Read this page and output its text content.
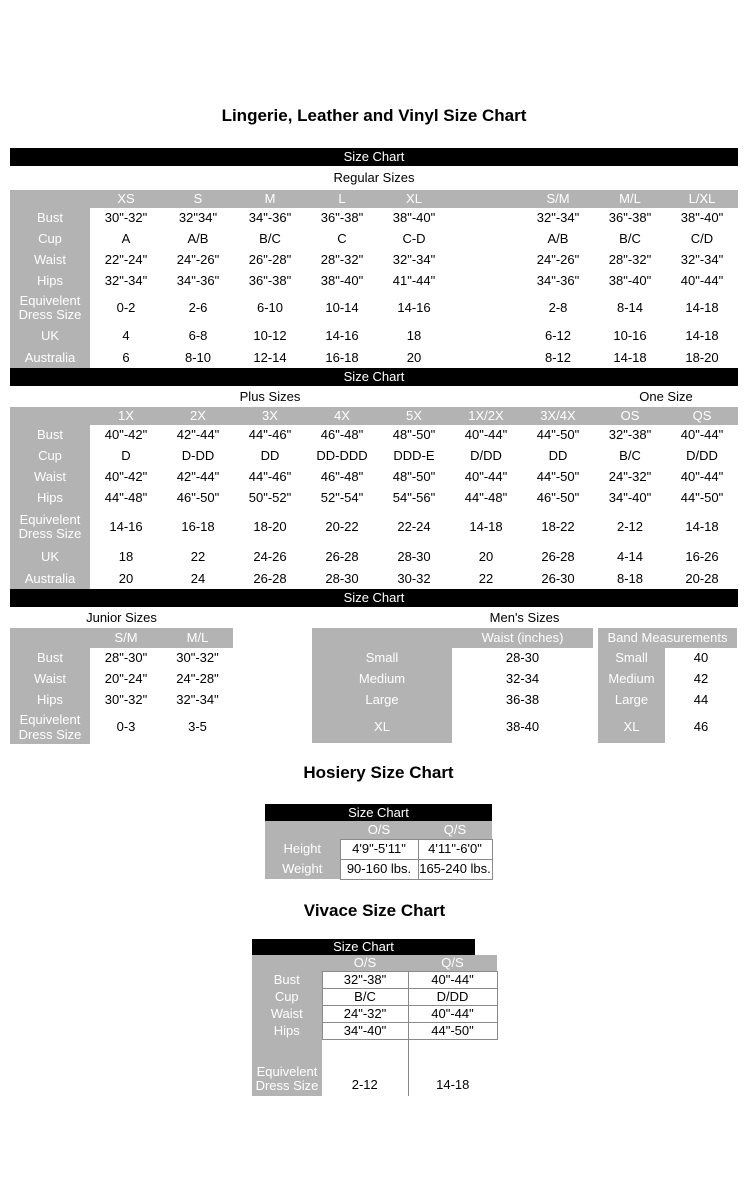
Lingerie, Leather and Vinyl Size Chart
Size Chart
Regular Sizes
	XS	S	M	L	XL		S/M	M/L	L/XL
Bust	30"-32"	32"34"	34"-36"	36"-38"	38"-40"		32"-34"	36"-38"	38"-40"
Cup	A	A/B	B/C	C	C-D		A/B	B/C	C/D
Waist	22"-24"	24"-26"	26"-28"	28"-32"	32"-34"		24"-26"	28"-32"	32"-34"
Hips	32"-34"	34"-36"	36"-38"	38"-40"	41"-44"		34"-36"	38"-40"	40"-44"
Equivelent Dress Size	0-2	2-6	6-10	10-14	14-16		2-8	8-14	14-18
UK	4	6-8	10-12	14-16	18		6-12	10-16	14-18
Australia	6	8-10	12-14	16-18	20		8-12	14-18	18-20
Size Chart
Plus Sizes	One Size
	1X	2X	3X	4X	5X	1X/2X	3X/4X	OS	QS
Bust	40"-42"	42"-44"	44"-46"	46"-48"	48"-50"	40"-44"	44"-50"	32"-38"	40"-44"
Cup	D	D-DD	DD	DD-DDD	DDD-E	D/DD	DD	B/C	D/DD
Waist	40"-42"	42"-44"	44"-46"	46"-48"	48"-50"	40"-44"	44"-50"	24"-32"	40"-44"
Hips	44"-48"	46"-50"	50"-52"	52"-54"	54"-56"	44"-48"	46"-50"	34"-40"	44"-50"
Equivelent Dress Size	14-16	16-18	18-20	20-22	22-24	14-18	18-22	2-12	14-18
UK	18	22	24-26	26-28	28-30	20	26-28	4-14	16-26
Australia	20	24	26-28	28-30	30-32	22	26-30	8-18	20-28
Size Chart
Junior Sizes	Men's Sizes
	S/M	M/L
Bust	28"-30"	30"-32"
Waist	20"-24"	24"-28"
Hips	30"-32"	32"-34"
Equivelent Dress Size	0-3	3-5
	Waist (inches)		Band Measurements	
Small	28-30		Small	40
Medium	32-34		Medium	42
Large	36-38		Large	44
XL	38-40		XL	46
Hosiery Size Chart
Size Chart
	O/S	Q/S
Height	4'9"-5'11"	4'11"-6'0"
Weight	90-160 lbs.	165-240 lbs.
Vivace Size Chart
Size Chart
	O/S	Q/S
Bust	32"-38"	40"-44"
Cup	B/C	D/DD
Waist	24"-32"	40"-44"
Hips	34"-40"	44"-50"
Equivelent Dress Size	2-12	14-18
